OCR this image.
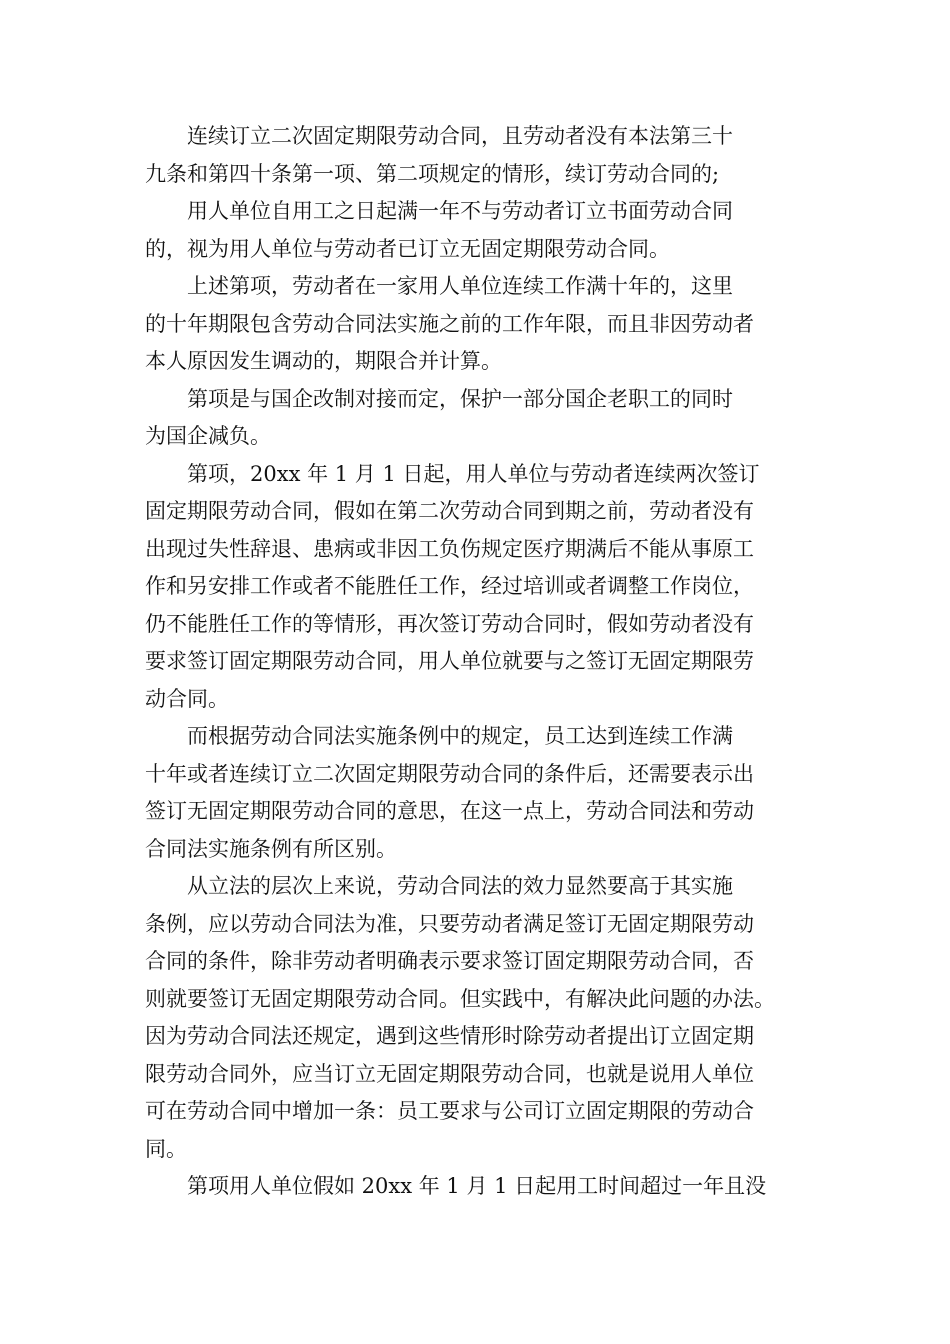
连续订立二次固定期限劳动合同，且劳动者没有本法第三十
九条和第四十条第一项、第二项规定的情形，续订劳动合同的;
用人单位自用工之日起满一年不与劳动者订立书面劳动合同
的，视为用人单位与劳动者已订立无固定期限劳动合同。
上述第项，劳动者在一家用人单位连续工作满十年的，这里
的十年期限包含劳动合同法实施之前的工作年限，而且非因劳动者
本人原因发生调动的，期限合并计算。
第项是与国企改制对接而定，保护一部分国企老职工的同时
为国企减负。
第项，20xx 年 1 月 1 日起，用人单位与劳动者连续两次签订
固定期限劳动合同，假如在第二次劳动合同到期之前，劳动者没有
出现过失性辞退、患病或非因工负伤规定医疗期满后不能从事原工
作和另安排工作或者不能胜任工作，经过培训或者调整工作岗位，
仍不能胜任工作的等情形，再次签订劳动合同时，假如劳动者没有
要求签订固定期限劳动合同，用人单位就要与之签订无固定期限劳
动合同。
而根据劳动合同法实施条例中的规定，员工达到连续工作满
十年或者连续订立二次固定期限劳动合同的条件后，还需要表示出
签订无固定期限劳动合同的意思，在这一点上，劳动合同法和劳动
合同法实施条例有所区别。
从立法的层次上来说，劳动合同法的效力显然要高于其实施
条例，应以劳动合同法为准，只要劳动者满足签订无固定期限劳动
合同的条件，除非劳动者明确表示要求签订固定期限劳动合同，否
则就要签订无固定期限劳动合同。但实践中，有解决此问题的办法。
因为劳动合同法还规定，遇到这些情形时除劳动者提出订立固定期
限劳动合同外，应当订立无固定期限劳动合同，也就是说用人单位
可在劳动合同中增加一条：员工要求与公司订立固定期限的劳动合
同。
第项用人单位假如 20xx 年 1 月 1 日起用工时间超过一年且没
